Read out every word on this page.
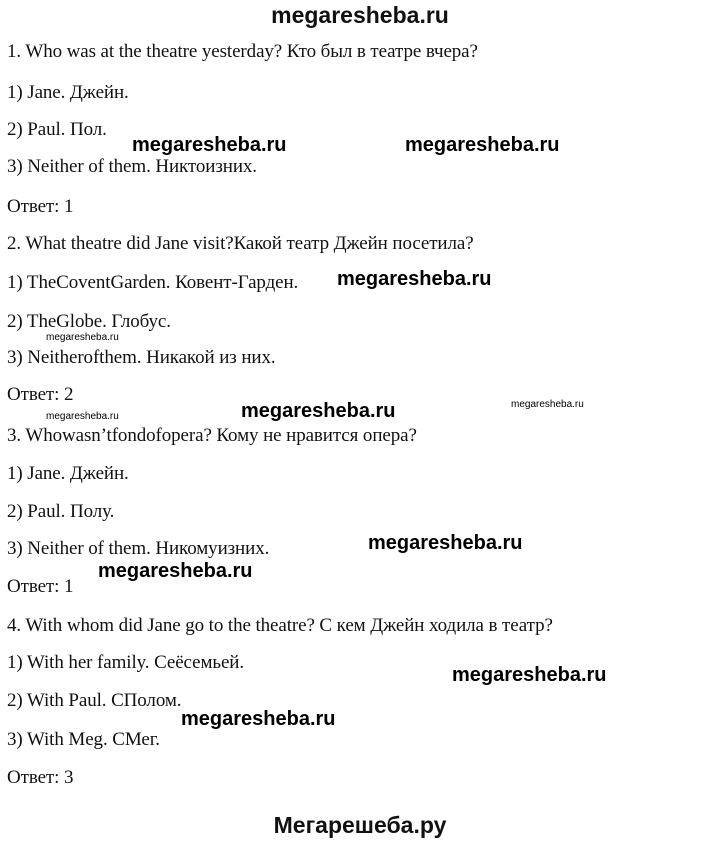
megaresheba.ru
1. Who was at the theatre yesterday? Кто был в театре вчера?
1) Jane. Джейн.
2) Paul. Пол.
3) Neither of them. Никтоизних.
Ответ: 1
2. What theatre did Jane visit?Какой театр Джейн посетила?
1) TheCoventGarden. Ковент-Гарден.
2) TheGlobe. Глобус.
3) Neitherofthem. Никакой из них.
Ответ: 2
3. Whowasn’tfondofopera? Кому не нравится опера?
1) Jane. Джейн.
2) Paul. Полу.
3) Neither of them. Никомуизних.
Ответ: 1
4. With whom did Jane go to the theatre? С кем Джейн ходила в театр?
1) With her family. Сеёсемьей.
2) With Paul. СПолом.
3) With Meg. СМег.
Ответ: 3
megaresheba.ru	megaresheba.ru
megaresheba.ru
megaresheba.ru
megaresheba.ru	megaresheba.ru
megaresheba.ru
megaresheba.ru
megaresheba.ru
megaresheba.ru
megaresheba.ru
Мегарешеба.ру
